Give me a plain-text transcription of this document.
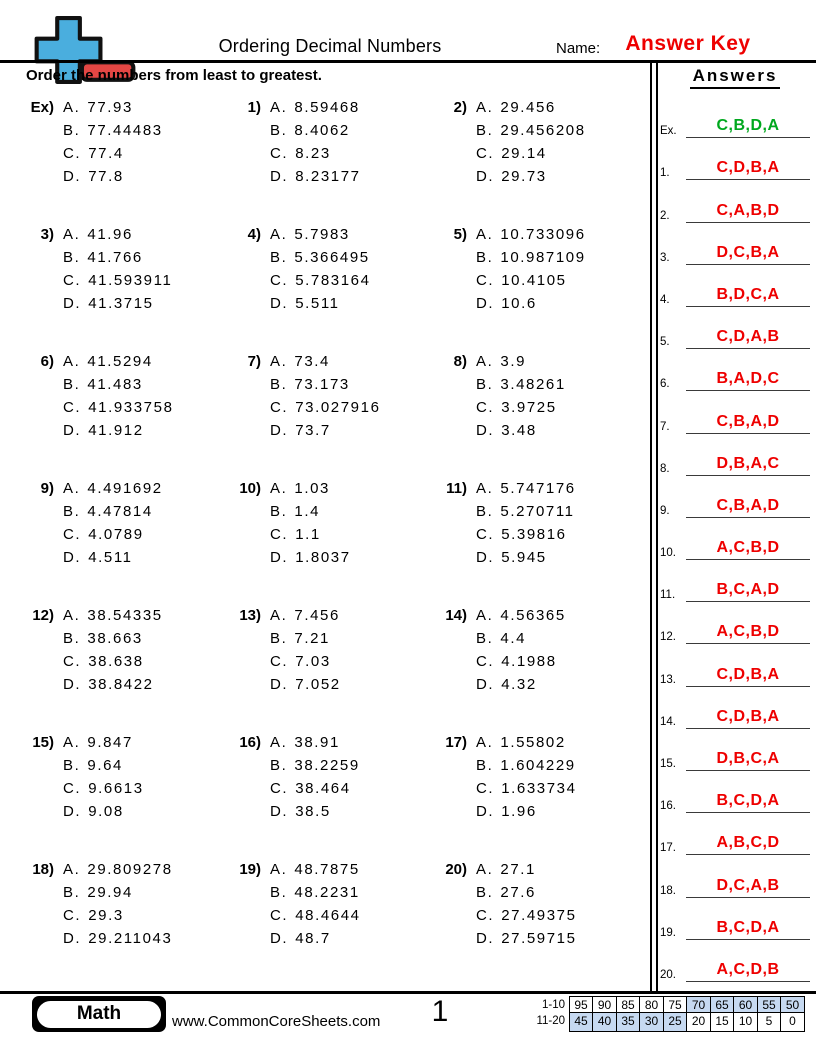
Ordering Decimal Numbers	Name:	Answer Key
Order the numbers from least to greatest.
Ex) A. 77.93
B. 77.44483
C. 77.4
D. 77.8
1) A. 8.59468
B. 8.4062
C. 8.23
D. 8.23177
2) A. 29.456
B. 29.456208
C. 29.14
D. 29.73
3) A. 41.96
B. 41.766
C. 41.593911
D. 41.3715
4) A. 5.7983
B. 5.366495
C. 5.783164
D. 5.511
5) A. 10.733096
B. 10.987109
C. 10.4105
D. 10.6
6) A. 41.5294
B. 41.483
C. 41.933758
D. 41.912
7) A. 73.4
B. 73.173
C. 73.027916
D. 73.7
8) A. 3.9
B. 3.48261
C. 3.9725
D. 3.48
9) A. 4.491692
B. 4.47814
C. 4.0789
D. 4.511
10) A. 1.03
B. 1.4
C. 1.1
D. 1.8037
11) A. 5.747176
B. 5.270711
C. 5.39816
D. 5.945
12) A. 38.54335
B. 38.663
C. 38.638
D. 38.8422
13) A. 7.456
B. 7.21
C. 7.03
D. 7.052
14) A. 4.56365
B. 4.4
C. 4.1988
D. 4.32
15) A. 9.847
B. 9.64
C. 9.6613
D. 9.08
16) A. 38.91
B. 38.2259
C. 38.464
D. 38.5
17) A. 1.55802
B. 1.604229
C. 1.633734
D. 1.96
18) A. 29.809278
B. 29.94
C. 29.3
D. 29.211043
19) A. 48.7875
B. 48.2231
C. 48.4644
D. 48.7
20) A. 27.1
B. 27.6
C. 27.49375
D. 27.59715
Answers
Ex.	C,B,D,A
1.	C,D,B,A
2.	C,A,B,D
3.	D,C,B,A
4.	B,D,C,A
5.	C,D,A,B
6.	B,A,D,C
7.	C,B,A,D
8.	D,B,A,C
9.	C,B,A,D
10.	A,C,B,D
11.	B,C,A,D
12.	A,C,B,D
13.	C,D,B,A
14.	C,D,B,A
15.	D,B,C,A
16.	B,C,D,A
17.	A,B,C,D
18.	D,C,A,B
19.	B,C,D,A
20.	A,C,D,B
Math	www.CommonCoreSheets.com	1	1-10 95 90 85 80 75 70 65 60 55 50
11-20 45 40 35 30 25 20 15 10	5	0
